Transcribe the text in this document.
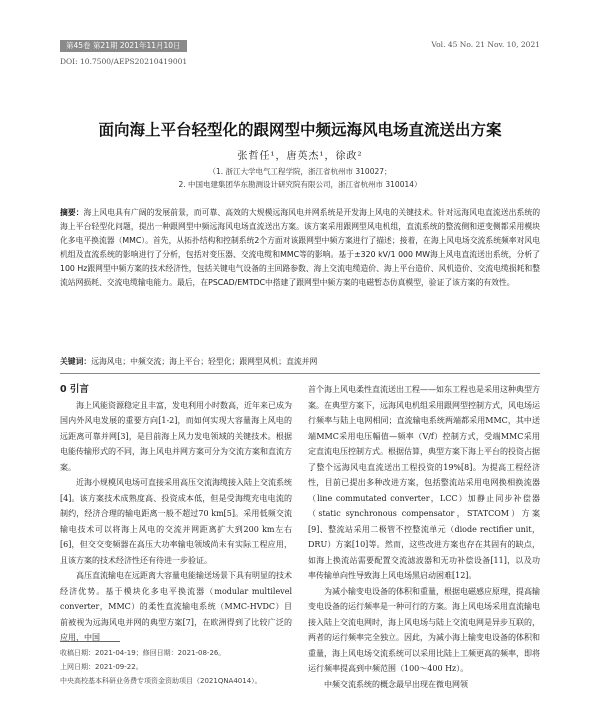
第45卷 第21期 2021年11月10日	Vol. 45 No. 21 Nov. 10, 2021
DOI: 10.7500/AEPS20210419001
面向海上平台轻型化的跟网型中频远海风电场直流送出方案
张哲任¹，唐英杰¹，徐政²
（1. 浙江大学电气工程学院，浙江省杭州市 310027；
2. 中国电建集团华东勘测设计研究院有限公司，浙江省杭州市 310014）
摘要：海上风电具有广阔的发展前景，而可靠、高效的大规模远海风电并网系统是开发海上风电的关键技术。针对远海风电直流送出系统的海上平台轻型化问题，提出一种跟网型中频远海风电场直流送出方案。该方案采用跟网型风电机组，直流系统的整流侧和逆变侧都采用模块化多电平换流器（MMC）。首先，从拓扑结构和控制系统2个方面对该跟网型中频方案进行了描述；接着，在海上风电场交流系统频率对风电机组及直流系统的影响进行了分析，包括对变压器、交流电缆和MMC等的影响。基于±320 kV/1 000 MW海上风电直流送出系统，分析了100 Hz跟网型中频方案的技术经济性，包括关键电气设备的主回路参数、海上交流电缆造价、海上平台造价、风机造价、交流电缆损耗和整流站网损耗、交流电缆输电能力。最后，在PSCAD/EMTDC中搭建了跟网型中频方案的电磁暂态仿真模型，验证了该方案的有效性。
关键词：远海风电；中频交流；海上平台；轻型化；跟网型风机；直流并网

0 引言

海上风能资源稳定且丰富，发电利用小时数高，近年来已成为国内外风电发展的重要方向[1-2]，而如何实现大容量海上风电的远距离可靠并网[3]，是目前海上风力发电领域的关键技术。根据电能传输形式的不同，海上风电并网方案可分为交流方案和直流方案。

近海小规模风电场可直接采用高压交流海缆接入陆上交流系统[4]。该方案技术成熟度高、投资成本低，但是受海缆充电电流的制约，经济合理的输电距离一般不超过70 km[5]。采用低频交流输电技术可以将海上风电的交流并网距离扩大到200 km左右[6]，但交交变频器在高压大功率输电领域尚未有实际工程应用，且该方案的技术经济性还有待进一步验证。

高压直流输电在远距离大容量电能输送场景下具有明显的技术经济优势。基于模块化多电平换流器（modular multilevel converter，MMC）的柔性直流输电系统（MMC-HVDC）目前被视为远海风电并网的典型方案[7]，在欧洲得到了比较广泛的应用，中国

首个海上风电柔性直流送出工程——如东工程也是采用这种典型方案。在典型方案下，远海风电机组采用跟网型控制方式，风电场运行频率与陆上电网相同；直流输电系统两端都采用MMC，其中送端MMC采用电压幅值—频率（V/f）控制方式，受端MMC采用定直流电压控制方式。根据估算，典型方案下海上平台的投资占据了整个远海风电直流送出工程投资的19%[8]。为提高工程经济性，目前已提出多种改进方案，包括整流站采用电网换相换流器（line commutated converter，LCC）加静止同步补偿器（static synchronous compensator，STATCOM）方案[9]、整流站采用二极管不控整流单元（diode rectifier unit，DRU）方案[10]等。然而，这些改进方案也存在其固有的缺点，如海上换流站需要配置交流滤波器和无功补偿设备[11]，以及功率传输单向性导致海上风电场黑启动困难[12]。

为减小输变电设备的体积和重量，根据电磁感应原理，提高输变电设备的运行频率是一种可行的方案。海上风电场采用直流输电接入陆上交流电网时，海上风电场与陆上交流电网是异步互联的，两者的运行频率完全独立。因此，为减小海上输变电设备的体积和重量，海上风电场交流系统可以采用比陆上工频更高的频率，即将运行频率提高到中频范围（100～400 Hz）。

中频交流系统的概念最早出现在微电网领

收稿日期：2021-04-19；修回日期：2021-08-26。
上网日期：2021-09-22。
中央高校基本科研业务费专项资金资助项目（2021QNA4014）。
